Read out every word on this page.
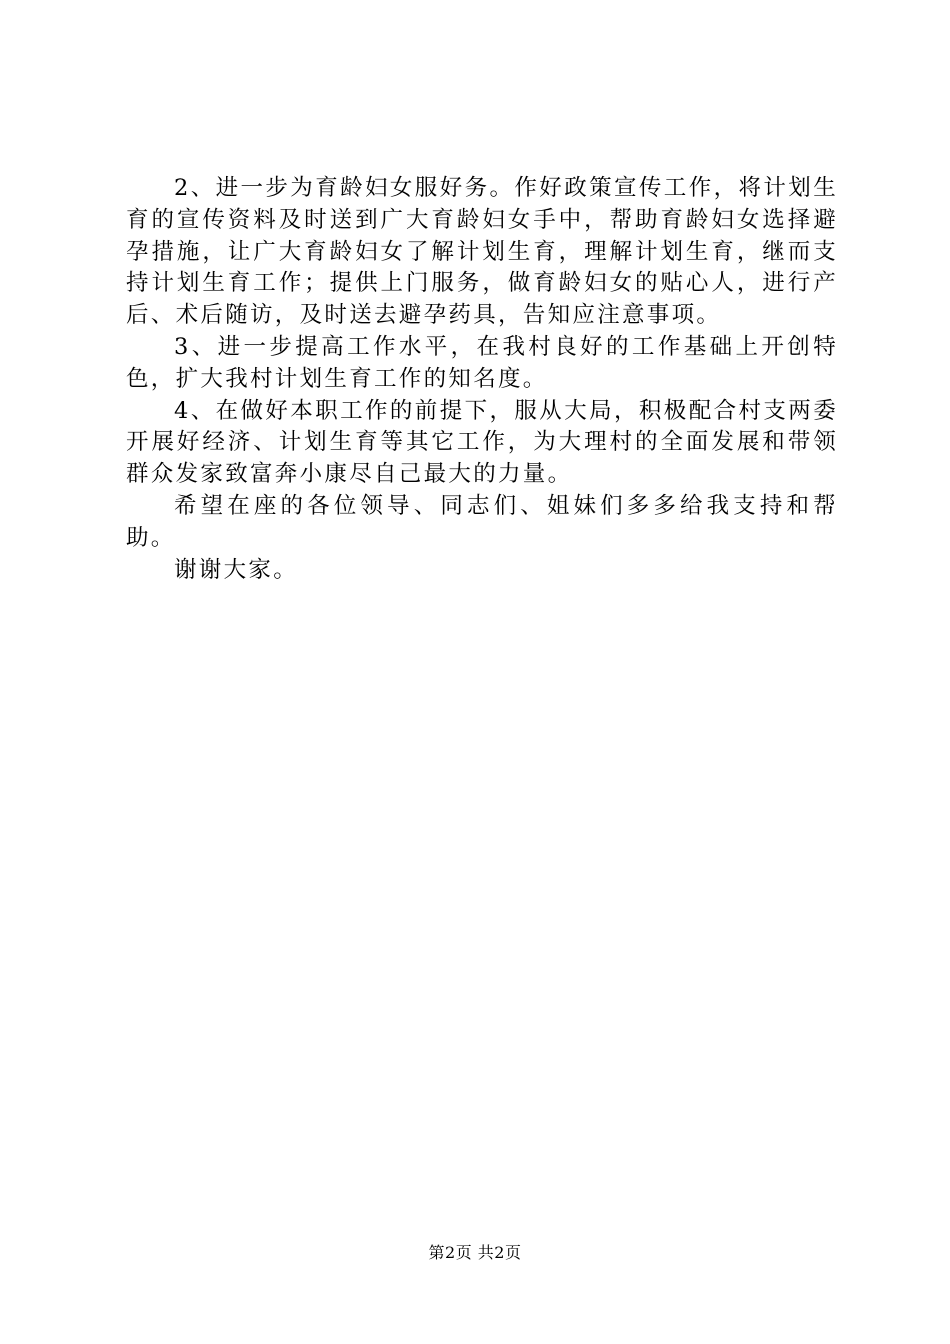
2、进一步为育龄妇女服好务。作好政策宣传工作，将计划生育的宣传资料及时送到广大育龄妇女手中，帮助育龄妇女选择避孕措施，让广大育龄妇女了解计划生育，理解计划生育，继而支持计划生育工作；提供上门服务，做育龄妇女的贴心人，进行产后、术后随访，及时送去避孕药具，告知应注意事项。

3、进一步提高工作水平，在我村良好的工作基础上开创特色，扩大我村计划生育工作的知名度。

4、在做好本职工作的前提下，服从大局，积极配合村支两委开展好经济、计划生育等其它工作，为大理村的全面发展和带领群众发家致富奔小康尽自己最大的力量。

希望在座的各位领导、同志们、姐妹们多多给我支持和帮助。

谢谢大家。

第2页 共2页
